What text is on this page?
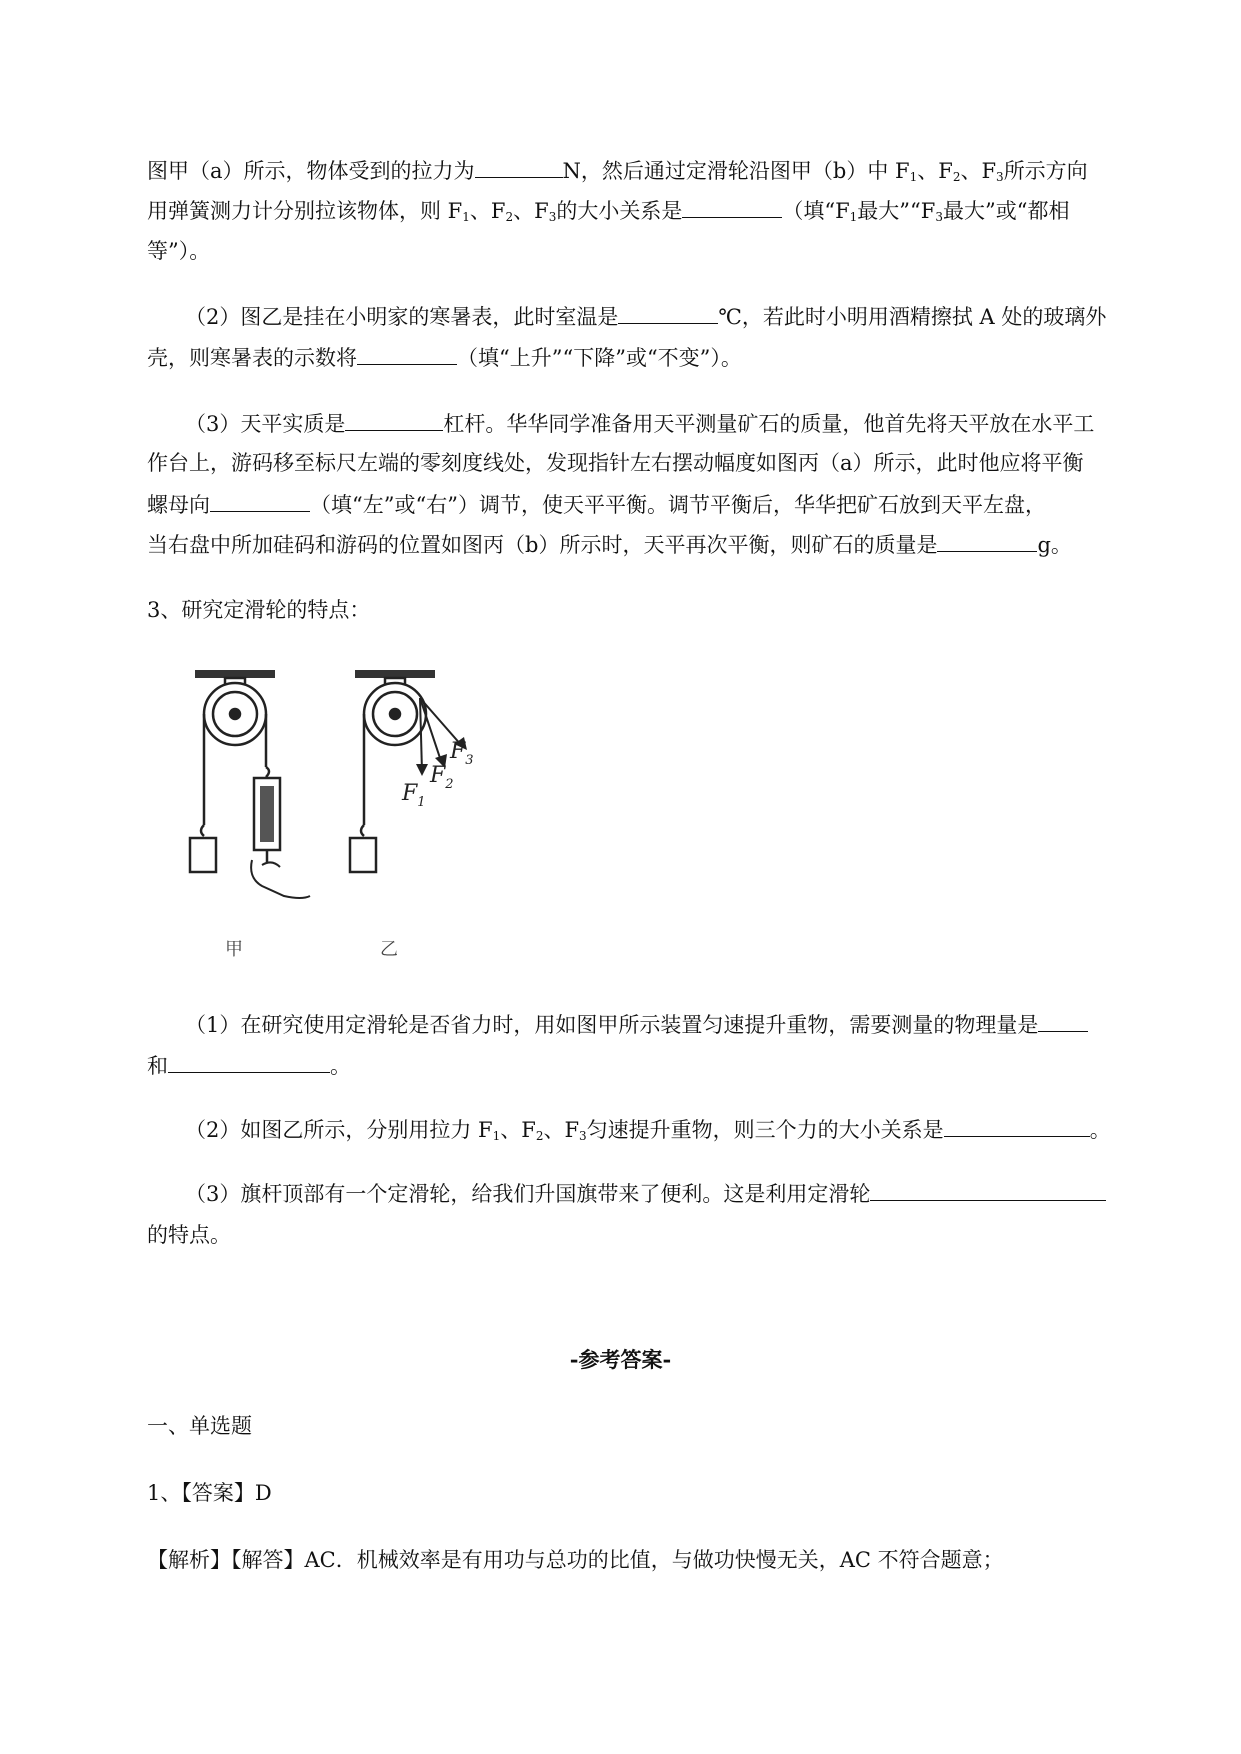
图甲（a）所示，物体受到的拉力为	N，然后通过定滑轮沿图甲（b）中 $F_1$、$F_2$、$F_3$所示方向
用弹簧测力计分别拉该物体，则 $F_1$、$F_2$、$F_3$的大小关系是	（填“$F_1$最大$”“F_3$最大”或“都相
等”）。
（2）图乙是挂在小明家的寒暑表，此时室温是	℃，若此时小明用酒精擦拭 A 处的玻璃外
壳，则寒暑表的示数将	（填“上升”“下降”或“不变”）。
（3）天平实质是	杠杆。华华同学准备用天平测量矿石的质量，他首先将天平放在水平工
作台上，游码移至标尺左端的零刻度线处，发现指针左右摆动幅度如图丙（a）所示，此时他应将平衡
螺母向	（填“左”或“右”）调节，使天平平衡。调节平衡后，华华把矿石放到天平左盘，
当右盘中所加硅码和游码的位置如图丙（b）所示时，天平再次平衡，则矿石的质量是	g。
3、研究定滑轮的特点：
$F_1$
$F_2$
$F_3$
甲	乙
（1）在研究使用定滑轮是否省力时，用如图甲所示装置匀速提升重物，需要测量的物理量是
和	。
（2）如图乙所示，分别用拉力 $F_1$、$F_2$、$F_3$匀速提升重物，则三个力的大小关系是	。
（3）旗杆顶部有一个定滑轮，给我们升国旗带来了便利。这是利用定滑轮
的特点。
-参考答案-
一、单选题
1、【答案】D
【解析】【解答】AC．机械效率是有用功与总功的比值，与做功快慢无关，AC 不符合题意；
